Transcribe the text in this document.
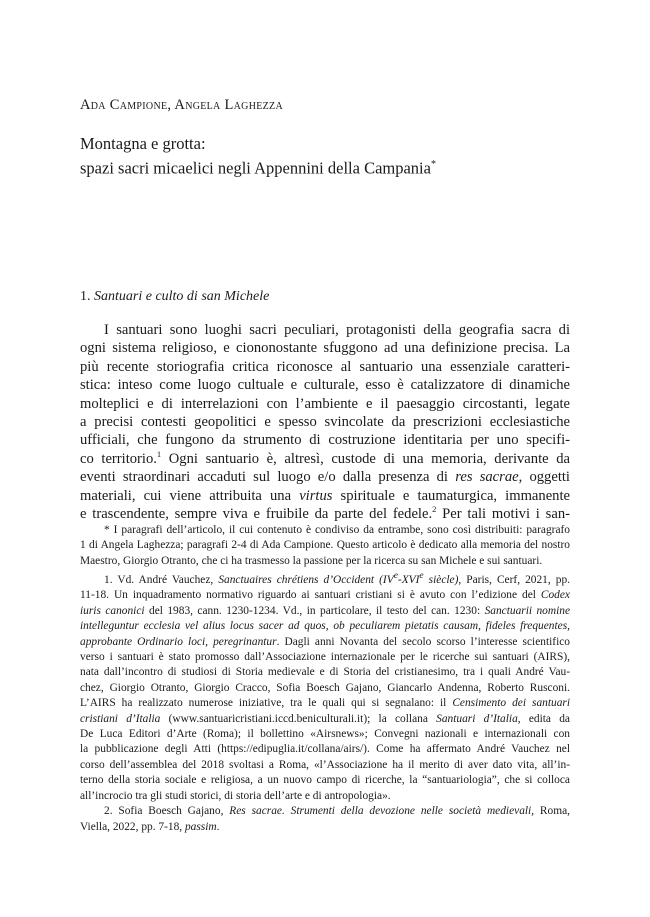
Ada Campione, Angela Laghezza
Montagna e grotta:
spazi sacri micaelici negli Appennini della Campania*
1. Santuari e culto di san Michele
I santuari sono luoghi sacri peculiari, protagonisti della geografia sacra di
ogni sistema religioso, e ciononostante sfuggono ad una definizione precisa. La
più recente storiografia critica riconosce al santuario una essenziale caratteri-
stica: inteso come luogo cultuale e culturale, esso è catalizzatore di dinamiche
molteplici e di interrelazioni con l’ambiente e il paesaggio circostanti, legate
a precisi contesti geopolitici e spesso svincolate da prescrizioni ecclesiastiche
ufficiali, che fungono da strumento di costruzione identitaria per uno specifi-
co territorio.$^1$ Ogni santuario è, altresì, custode di una memoria, derivante da
eventi straordinari accaduti sul luogo e/o dalla presenza di res sacrae, oggetti
materiali, cui viene attribuita una virtus spirituale e taumaturgica, immanente
e trascendente, sempre viva e fruibile da parte del fedele.$^2$ Per tali motivi i san-
* I paragrafi dell’articolo, il cui contenuto è condiviso da entrambe, sono così distribuiti: paragrafo
1 di Angela Laghezza; paragrafi 2-4 di Ada Campione. Questo articolo è dedicato alla memoria del nostro
Maestro, Giorgio Otranto, che ci ha trasmesso la passione per la ricerca su san Michele e sui santuari.
1. Vd. André Vauchez, Sanctuaires chrétiens d’Occident (IVe-XVIe siècle), Paris, Cerf, 2021, pp.
11-18. Un inquadramento normativo riguardo ai santuari cristiani si è avuto con l’edizione del Codex
iuris canonici del 1983, cann. 1230-1234. Vd., in particolare, il testo del can. 1230: Sanctuarii nomine
intelleguntur ecclesia vel alius locus sacer ad quos, ob peculiarem pietatis causam, fideles frequentes,
approbante Ordinario loci, peregrinantur. Dagli anni Novanta del secolo scorso l’interesse scientifico
verso i santuari è stato promosso dall’Associazione internazionale per le ricerche sui santuari (AIRS),
nata dall’incontro di studiosi di Storia medievale e di Storia del cristianesimo, tra i quali André Vau-
chez, Giorgio Otranto, Giorgio Cracco, Sofia Boesch Gajano, Giancarlo Andenna, Roberto Rusconi.
L’AIRS ha realizzato numerose iniziative, tra le quali qui si segnalano: il Censimento dei santuari
cristiani d’Italia (www.santuaricristiani.iccd.beniculturali.it); la collana Santuari d’Italia, edita da
De Luca Editori d’Arte (Roma); il bollettino «Airsnews»; Convegni nazionali e internazionali con
la pubblicazione degli Atti (https://edipuglia.it/collana/airs/). Come ha affermato André Vauchez nel
corso dell’assemblea del 2018 svoltasi a Roma, «l’Associazione ha il merito di aver dato vita, all’in-
terno della storia sociale e religiosa, a un nuovo campo di ricerche, la “santuariologia”, che si colloca
all’incrocio tra gli studi storici, di storia dell’arte e di antropologia».
2. Sofia Boesch Gajano, Res sacrae. Strumenti della devozione nelle società medievali, Roma,
Viella, 2022, pp. 7-18, passim.
